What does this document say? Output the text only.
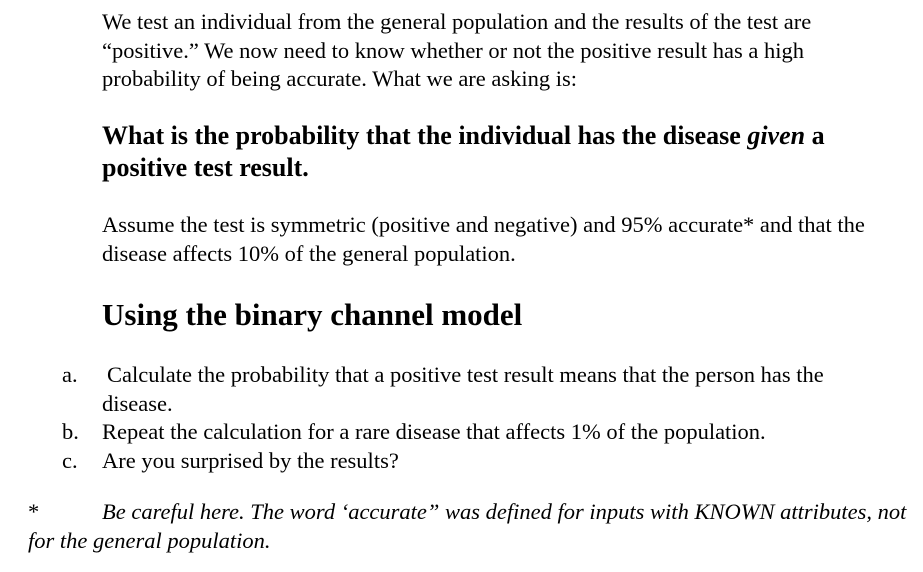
We test an individual from the general population and the results of the test are “positive.” We now need to know whether or not the positive result has a high probability of being accurate. What we are asking is:
What is the probability that the individual has the disease given a positive test result.
Assume the test is symmetric (positive and negative) and 95% accurate* and that the disease affects 10% of the general population.
Using the binary channel model
a.	Calculate the probability that a positive test result means that the person has the disease.
b.	Repeat the calculation for a rare disease that affects 1% of the population.
c.	Are you surprised by the results?
*	Be careful here. The word ‘accurate” was defined for inputs with KNOWN attributes, not for the general population.
